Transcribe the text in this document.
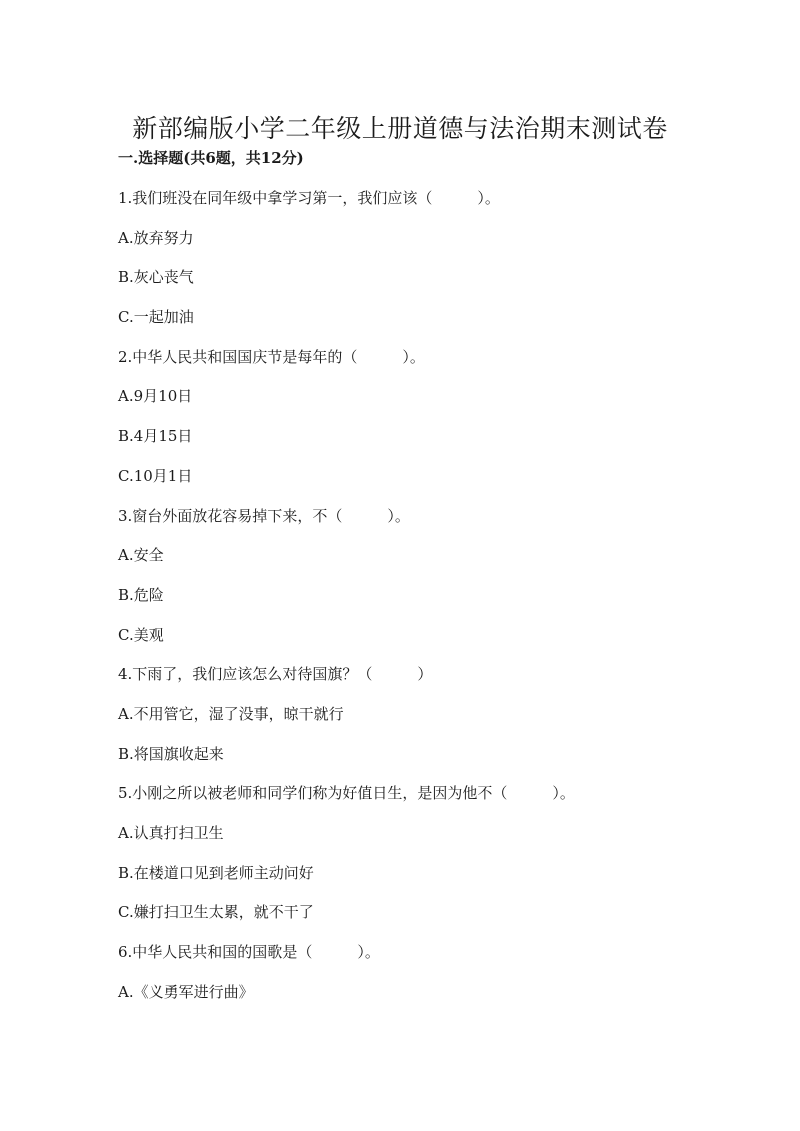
新部编版小学二年级上册道德与法治期末测试卷
一.选择题(共6题，共12分)
1.我们班没在同年级中拿学习第一，我们应该（　　　）。
A.放弃努力
B.灰心丧气
C.一起加油
2.中华人民共和国国庆节是每年的（　　　）。
A.9月10日
B.4月15日
C.10月1日
3.窗台外面放花容易掉下来，不（　　　）。
A.安全
B.危险
C.美观
4.下雨了，我们应该怎么对待国旗？（　　　）
A.不用管它，湿了没事，晾干就行
B.将国旗收起来
5.小刚之所以被老师和同学们称为好值日生，是因为他不（　　　）。
A.认真打扫卫生
B.在楼道口见到老师主动问好
C.嫌打扫卫生太累，就不干了
6.中华人民共和国的国歌是（　　　）。
A.《义勇军进行曲》
